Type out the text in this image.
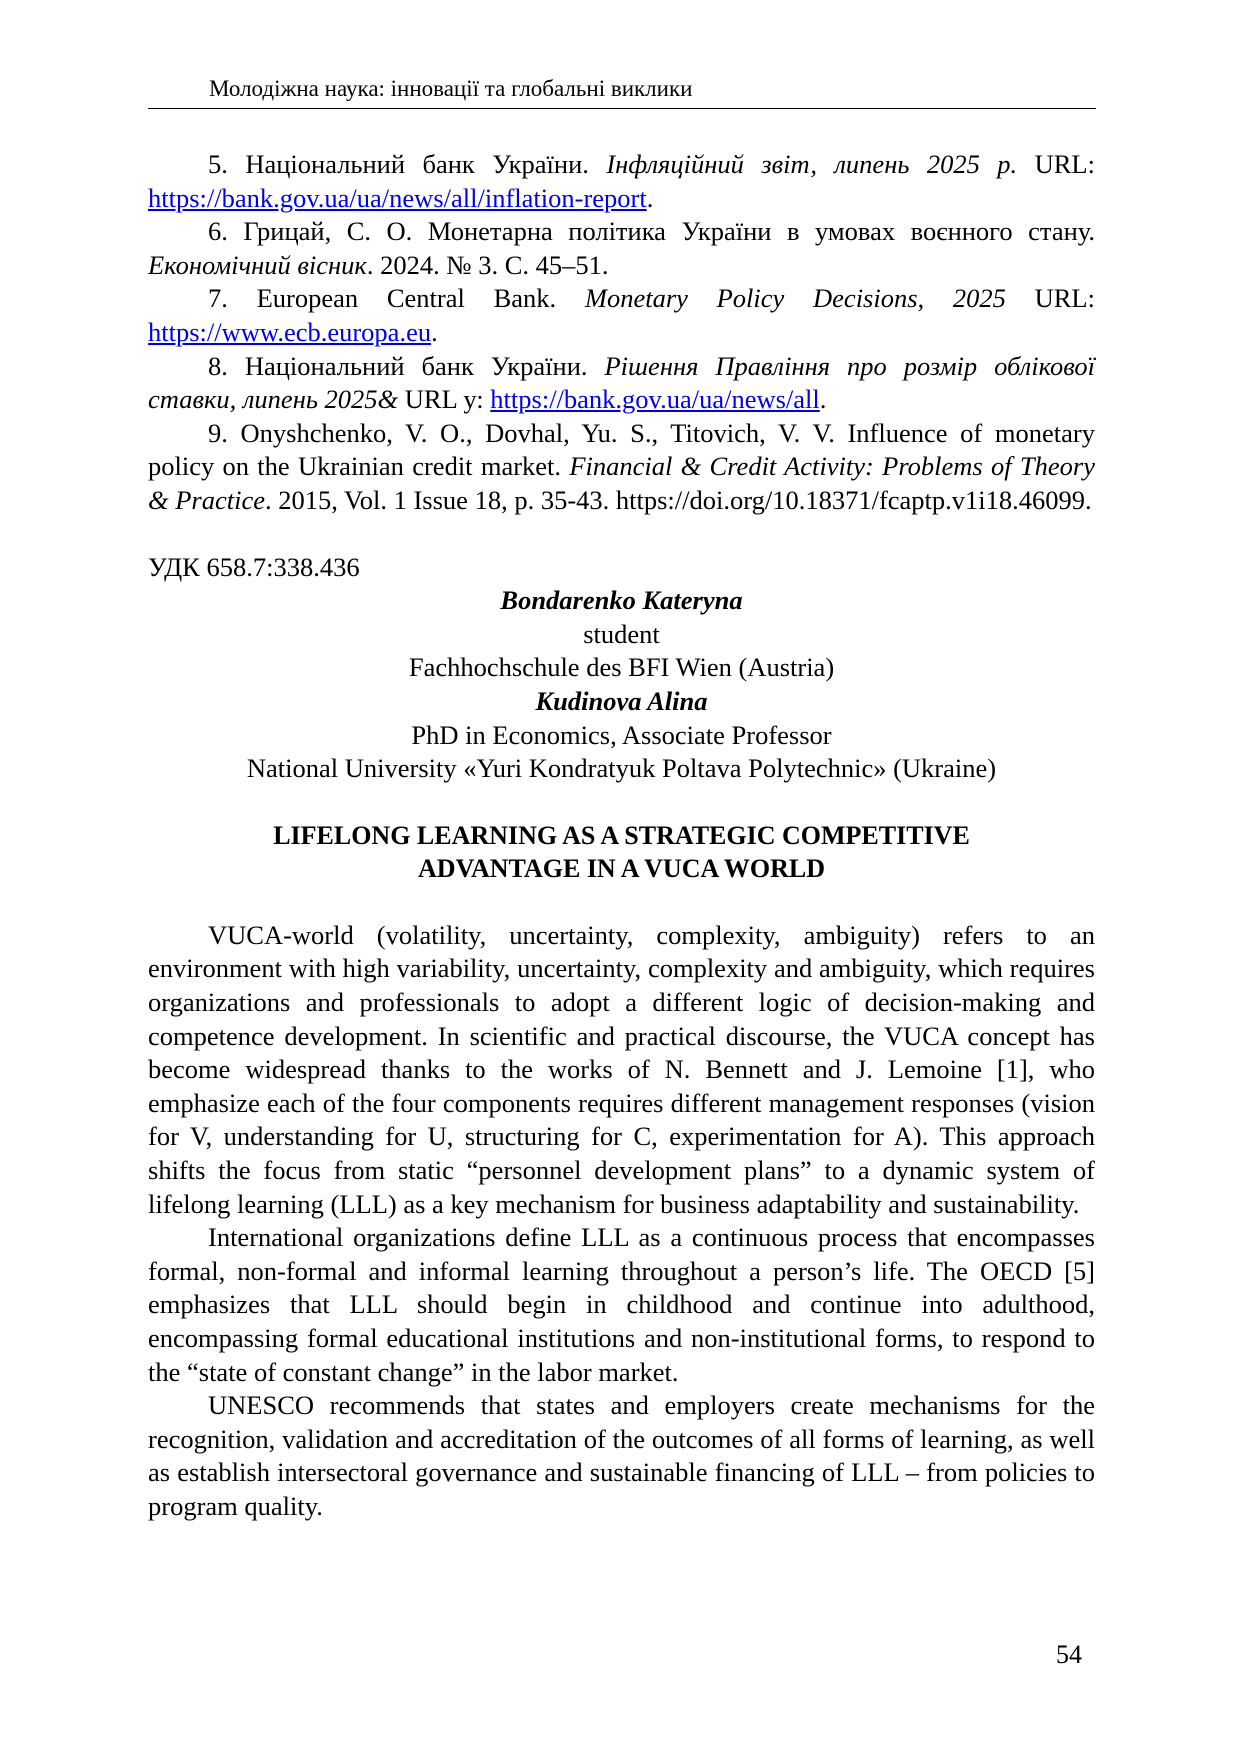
Молодіжна наука: інновації та глобальні виклики

5. Національний банк України. Інфляційний звіт, липень 2025 р. URL: https://bank.gov.ua/ua/news/all/inflation-report.

6. Грицай, С. О. Монетарна політика України в умовах воєнного стану. Економічний вісник. 2024. № 3. С. 45–51.

7. European Central Bank. Monetary Policy Decisions, 2025 URL: https://www.ecb.europa.eu.

8. Національний банк України. Рішення Правління про розмір облікової ставки, липень 2025& URL у: https://bank.gov.ua/ua/news/all.

9. Onyshchenko, V. O., Dovhal, Yu. S., Titovich, V. V. Influence of monetary policy on the Ukrainian credit market. Financial & Credit Activity: Problems of Theory & Practice. 2015, Vol. 1 Issue 18, p. 35-43. https://doi.org/10.18371/fcaptp.v1i18.46099.

УДК 658.7:338.436

Bondarenko Kateryna

student

Fachhochschule des BFI Wien (Austria)

Kudinova Alina

PhD in Economics, Associate Professor

National University «Yuri Kondratyuk Poltava Polytechnic» (Ukraine)

LIFELONG LEARNING AS A STRATEGIC COMPETITIVE
ADVANTAGE IN A VUCA WORLD

VUCA-world (volatility, uncertainty, complexity, ambiguity) refers to an environment with high variability, uncertainty, complexity and ambiguity, which requires organizations and professionals to adopt a different logic of decision-making and competence development. In scientific and practical discourse, the VUCA concept has become widespread thanks to the works of N. Bennett and J. Lemoine [1], who emphasize each of the four components requires different management responses (vision for V, understanding for U, structuring for C, experimentation for A). This approach shifts the focus from static “personnel development plans” to a dynamic system of lifelong learning (LLL) as a key mechanism for business adaptability and sustainability.

International organizations define LLL as a continuous process that encompasses formal, non-formal and informal learning throughout a person’s life. The OECD [5] emphasizes that LLL should begin in childhood and continue into adulthood, encompassing formal educational institutions and non-institutional forms, to respond to the “state of constant change” in the labor market.

UNESCO recommends that states and employers create mechanisms for the recognition, validation and accreditation of the outcomes of all forms of learning, as well as establish intersectoral governance and sustainable financing of LLL – from policies to program quality.

54
